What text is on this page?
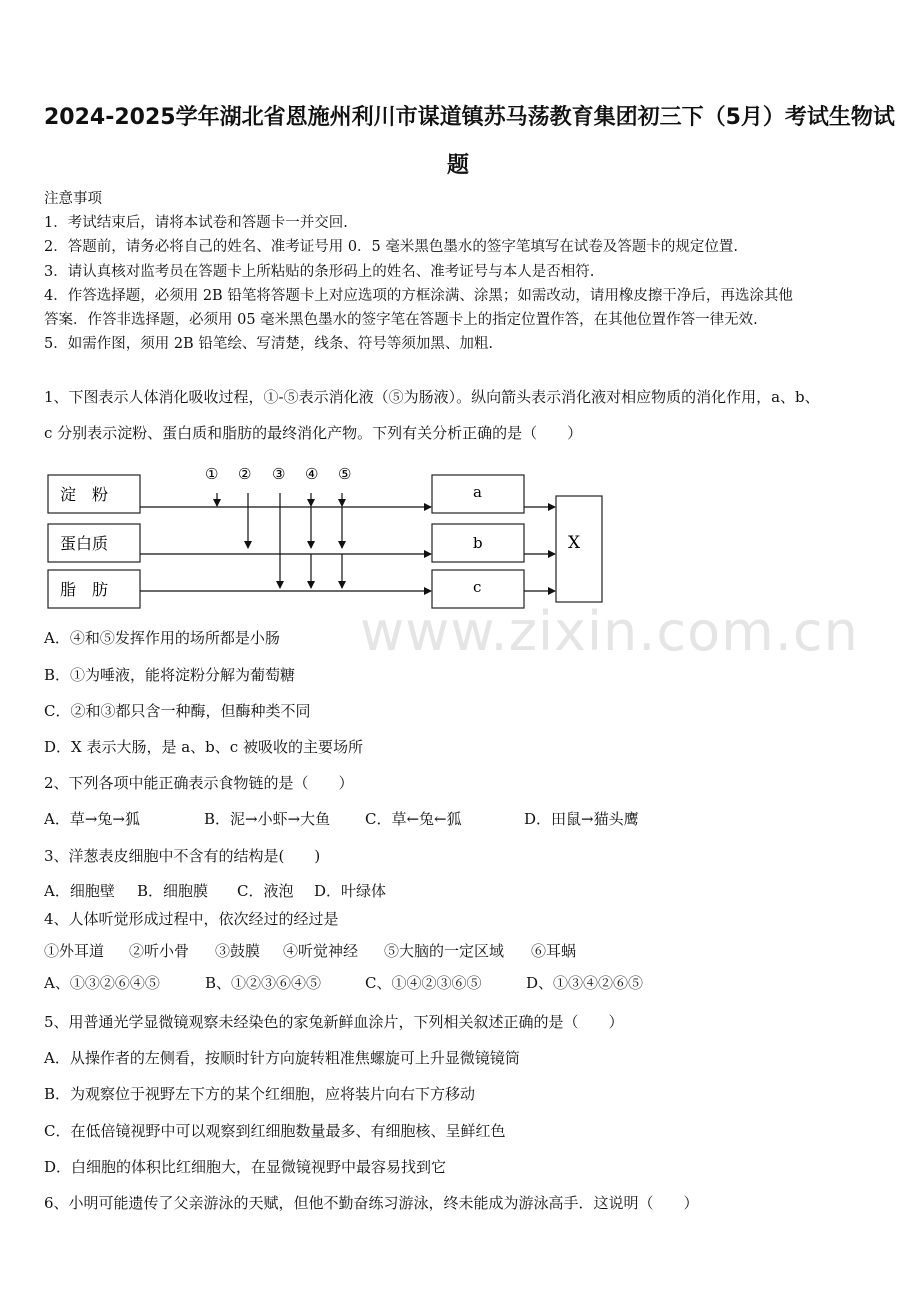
2024-2025学年湖北省恩施州利川市谋道镇苏马荡教育集团初三下（5月）考试生物试
题
注意事项
1．考试结束后，请将本试卷和答题卡一并交回.
2．答题前，请务必将自己的姓名、准考证号用 0．5 毫米黑色墨水的签字笔填写在试卷及答题卡的规定位置.
3．请认真核对监考员在答题卡上所粘贴的条形码上的姓名、准考证号与本人是否相符.
4．作答选择题，必须用 2B 铅笔将答题卡上对应选项的方框涂满、涂黑；如需改动，请用橡皮擦干净后，再选涂其他
答案．作答非选择题，必须用 05 毫米黑色墨水的签字笔在答题卡上的指定位置作答，在其他位置作答一律无效.
5．如需作图，须用 2B 铅笔绘、写清楚，线条、符号等须加黑、加粗.
1、下图表示人体消化吸收过程，①-⑤表示消化液（⑤为肠液）。纵向箭头表示消化液对相应物质的消化作用，a、b、
c 分别表示淀粉、蛋白质和脂肪的最终消化产物。下列有关分析正确的是（　　）
淀　粉
蛋白质
脂　肪
① ② ③ ④ ⑤
a
b
c
X
www.zixin.com.cn
A．④和⑤发挥作用的场所都是小肠
B．①为唾液，能将淀粉分解为葡萄糖
C．②和③都只含一种酶，但酶种类不同
D．X 表示大肠，是 a、b、c 被吸收的主要场所
2、下列各项中能正确表示食物链的是（　　）
A．草→兔→狐	B．泥→小虾→大鱼 C．草←兔←狐	D．田鼠→猫头鹰
3、洋葱表皮细胞中不含有的结构是(　　)
A．细胞壁 B．细胞膜 C．液泡 D．叶绿体
4、人体听觉形成过程中，依次经过的经过是
①外耳道 ②听小骨 ③鼓膜 ④听觉神经 ⑤大脑的一定区域 ⑥耳蜗
A、①③②⑥④⑤	B、①②③⑥④⑤	C、①④②③⑥⑤	D、①③④②⑥⑤
5、用普通光学显微镜观察未经染色的家兔新鲜血涂片，下列相关叙述正确的是（　　）
A．从操作者的左侧看，按顺时针方向旋转粗准焦螺旋可上升显微镜镜筒
B．为观察位于视野左下方的某个红细胞，应将装片向右下方移动
C．在低倍镜视野中可以观察到红细胞数量最多、有细胞核、呈鲜红色
D．白细胞的体积比红细胞大，在显微镜视野中最容易找到它
6、小明可能遗传了父亲游泳的天赋，但他不勤奋练习游泳，终未能成为游泳高手．这说明（　　）
